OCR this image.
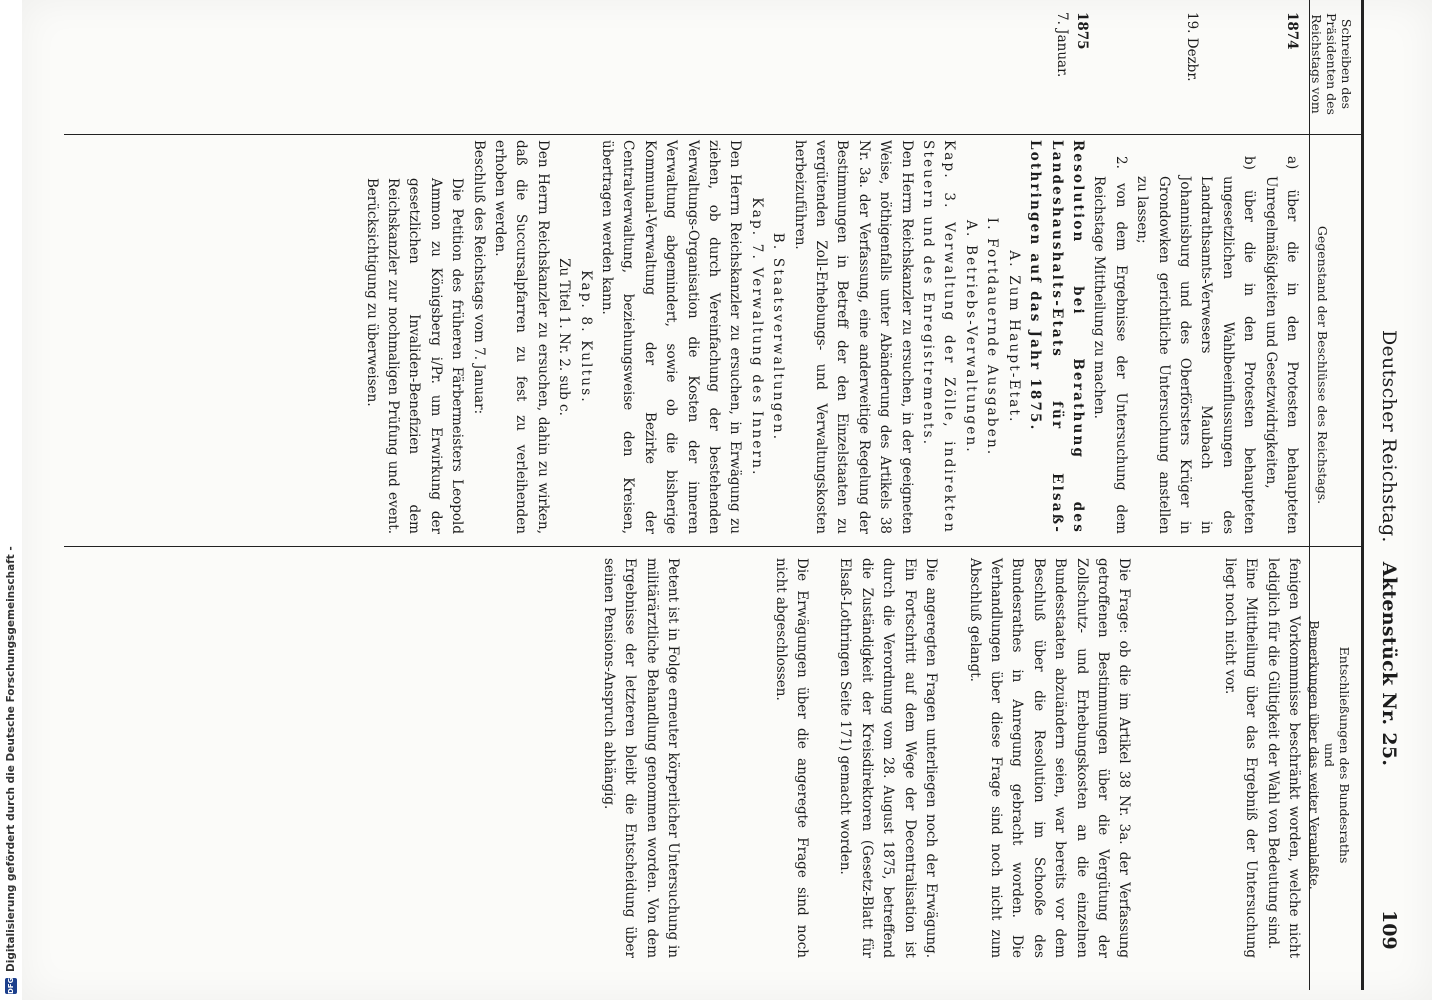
DFG
Digitalisierung gefördert durch die Deutsche Forschungsgemeinschaft -
Deutscher Reichstag.   Aktenstück Nr. 25.
109
Schreiben des Präsidenten des Reichstags vom
Gegenstand der Beschlüsse des Reichstags.
Entschließungen des Bundesraths
und
Bemerkungen über das weiter Veranlaßte.
1874
19. Dezbr.
1875
7. Januar.

a) über die in den Protesten behaupteten Unregelmäßigkeiten und Gesetzwidrigkeiten,

b) über die in den Protesten behaupteten ungesetzlichen Wahlbeeinflussungen des Landrathsamts-Verwesers Maubach in Johannisburg und des Oberförsters Krüger in Grondowken gerichtliche Untersuchung anstellen zu lassen;

2. von dem Ergebnisse der Untersuchung dem Reichstage Mittheilung zu machen.

Resolution bei Berathung des Landeshaushalts-Etats für Elsaß-Lothringen auf das Jahr 1875.

A. Zum Haupt-Etat.

I. Fortdauernde Ausgaben.

A. Betriebs-Verwaltungen.

Kap. 3. Verwaltung der Zölle, indirekten Steuern und des Enregistrements.

Den Herrn Reichskanzler zu ersuchen, in der geeigneten Weise, nöthigenfalls unter Abänderung des Artikels 38 Nr. 3a. der Verfassung, eine anderweitige Regelung der Bestimmungen in Betreff der den Einzelstaaten zu vergütenden Zoll-Erhebungs- und Verwaltungskosten herbeizuführen.

B. Staatsverwaltungen.

Kap. 7. Verwaltung des Innern.

Den Herrn Reichskanzler zu ersuchen, in Erwägung zu ziehen, ob durch Vereinfachung der bestehenden Verwaltungs-Organisation die Kosten der inneren Verwaltung abgemindert, sowie ob die bisherige Kommunal-Verwaltung der Bezirke der Centralverwaltung, beziehungsweise den Kreisen, übertragen werden kann.

Kap. 8. Kultus.

Zu Titel 1. Nr. 2. sub c.

Den Herrn Reichskanzler zu ersuchen, dahin zu wirken, daß die Succursalpfarren zu fest zu verleihenden erhoben werden.

Beschluß des Reichstags vom 7. Januar:

Die Petition des früheren Färbermeisters Leopold Ammon zu Königsberg i/Pr. um Erwirkung der gesetzlichen Invaliden-Benefizien dem Reichskanzler zur nochmaligen Prüfung und event. Berücksichtigung zu überweisen.

fenigen Vorkommnisse beschränkt worden, welche nicht lediglich für die Gültigkeit der Wahl von Bedeutung sind.

Eine Mittheilung über das Ergebniß der Untersuchung liegt noch nicht vor.

Die Frage: ob die im Artikel 38 Nr. 3a. der Verfassung getroffenen Bestimmungen über die Vergütung der Zollschutz- und Erhebungskosten an die einzelnen Bundesstaaten abzuändern seien, war bereits vor dem Beschluß über die Resolution im Schooße des Bundesrathes in Anregung gebracht worden. Die Verhandlungen über diese Frage sind noch nicht zum Abschluß gelangt.

Die angeregten Fragen unterliegen noch der Erwägung. Ein Fortschritt auf dem Wege der Decentralisation ist durch die Verordnung vom 28. August 1875, betreffend die Zuständigkeit der Kreisdirektoren (Gesetz-Blatt für Elsaß-Lothringen Seite 171) gemacht worden.

Die Erwägungen über die angeregte Frage sind noch nicht abgeschlossen.

Petent ist in Folge erneuter körperlicher Untersuchung in militärärztliche Behandlung genommen worden. Von dem Ergebnisse der letzteren bleibt die Entscheidung über seinen Pensions-Anspruch abhängig.
